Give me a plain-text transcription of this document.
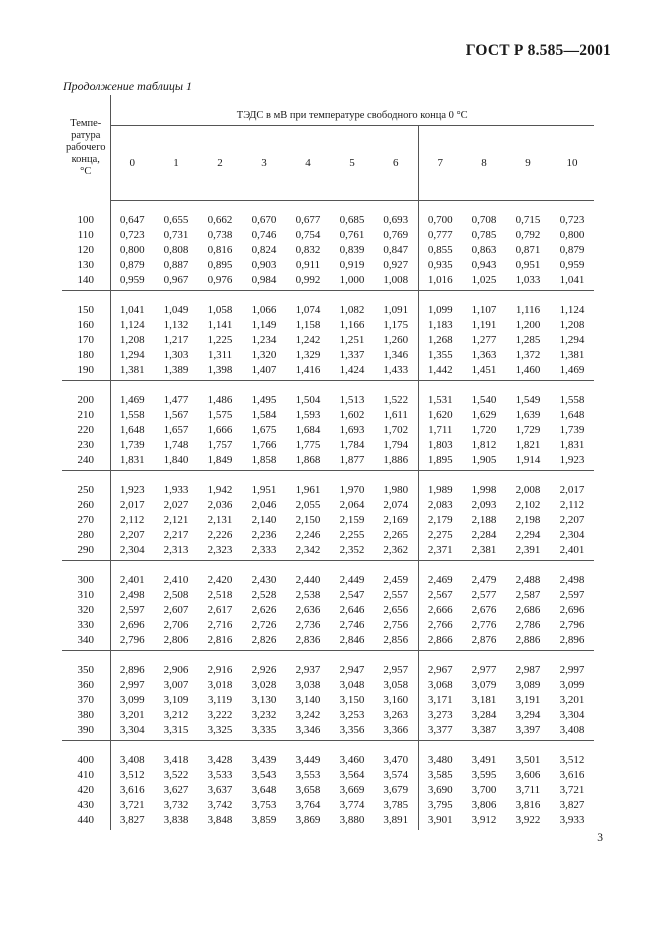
ГОСТ Р 8.585—2001
Продолжение таблицы 1
Темпе-
ратура
рабочего
конца,
°С	ТЭДС в мВ при температуре свободного конца 0 °С										
	0	1	2	3	4	5	6	7	8	9	10
100	0,647	0,655	0,662	0,670	0,677	0,685	0,693	0,700	0,708	0,715	0,723
110	0,723	0,731	0,738	0,746	0,754	0,761	0,769	0,777	0,785	0,792	0,800
120	0,800	0,808	0,816	0,824	0,832	0,839	0,847	0,855	0,863	0,871	0,879
130	0,879	0,887	0,895	0,903	0,911	0,919	0,927	0,935	0,943	0,951	0,959
140	0,959	0,967	0,976	0,984	0,992	1,000	1,008	1,016	1,025	1,033	1,041
150	1,041	1,049	1,058	1,066	1,074	1,082	1,091	1,099	1,107	1,116	1,124
160	1,124	1,132	1,141	1,149	1,158	1,166	1,175	1,183	1,191	1,200	1,208
170	1,208	1,217	1,225	1,234	1,242	1,251	1,260	1,268	1,277	1,285	1,294
180	1,294	1,303	1,311	1,320	1,329	1,337	1,346	1,355	1,363	1,372	1,381
190	1,381	1,389	1,398	1,407	1,416	1,424	1,433	1,442	1,451	1,460	1,469
200	1,469	1,477	1,486	1,495	1,504	1,513	1,522	1,531	1,540	1,549	1,558
210	1,558	1,567	1,575	1,584	1,593	1,602	1,611	1,620	1,629	1,639	1,648
220	1,648	1,657	1,666	1,675	1,684	1,693	1,702	1,711	1,720	1,729	1,739
230	1,739	1,748	1,757	1,766	1,775	1,784	1,794	1,803	1,812	1,821	1,831
240	1,831	1,840	1,849	1,858	1,868	1,877	1,886	1,895	1,905	1,914	1,923
250	1,923	1,933	1,942	1,951	1,961	1,970	1,980	1,989	1,998	2,008	2,017
260	2,017	2,027	2,036	2,046	2,055	2,064	2,074	2,083	2,093	2,102	2,112
270	2,112	2,121	2,131	2,140	2,150	2,159	2,169	2,179	2,188	2,198	2,207
280	2,207	2,217	2,226	2,236	2,246	2,255	2,265	2,275	2,284	2,294	2,304
290	2,304	2,313	2,323	2,333	2,342	2,352	2,362	2,371	2,381	2,391	2,401
300	2,401	2,410	2,420	2,430	2,440	2,449	2,459	2,469	2,479	2,488	2,498
310	2,498	2,508	2,518	2,528	2,538	2,547	2,557	2,567	2,577	2,587	2,597
320	2,597	2,607	2,617	2,626	2,636	2,646	2,656	2,666	2,676	2,686	2,696
330	2,696	2,706	2,716	2,726	2,736	2,746	2,756	2,766	2,776	2,786	2,796
340	2,796	2,806	2,816	2,826	2,836	2,846	2,856	2,866	2,876	2,886	2,896
350	2,896	2,906	2,916	2,926	2,937	2,947	2,957	2,967	2,977	2,987	2,997
360	2,997	3,007	3,018	3,028	3,038	3,048	3,058	3,068	3,079	3,089	3,099
370	3,099	3,109	3,119	3,130	3,140	3,150	3,160	3,171	3,181	3,191	3,201
380	3,201	3,212	3,222	3,232	3,242	3,253	3,263	3,273	3,284	3,294	3,304
390	3,304	3,315	3,325	3,335	3,346	3,356	3,366	3,377	3,387	3,397	3,408
400	3,408	3,418	3,428	3,439	3,449	3,460	3,470	3,480	3,491	3,501	3,512
410	3,512	3,522	3,533	3,543	3,553	3,564	3,574	3,585	3,595	3,606	3,616
420	3,616	3,627	3,637	3,648	3,658	3,669	3,679	3,690	3,700	3,711	3,721
430	3,721	3,732	3,742	3,753	3,764	3,774	3,785	3,795	3,806	3,816	3,827
440	3,827	3,838	3,848	3,859	3,869	3,880	3,891	3,901	3,912	3,922	3,933
3
